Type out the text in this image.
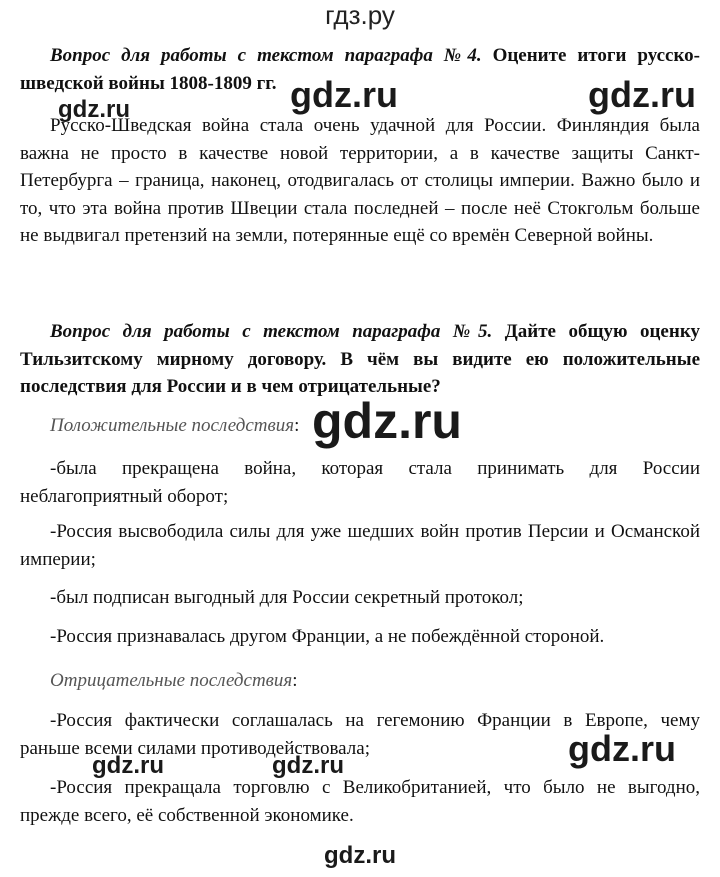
гдз.ру

Вопрос для работы с текстом параграфа №4. Оцените итоги русско-шведской войны 1808-1809 гг.

gdz.ru	gdz.ru	gdz.ru

Русско-Шведская война стала очень удачной для России. Финляндия была важна не просто в качестве новой территории, а в качестве защиты Санкт-Петербурга – граница, наконец, отодвигалась от столицы империи. Важно было и то, что эта война против Швеции стала последней – после неё Стокгольм больше не выдвигал претензий на земли, потерянные ещё со времён Северной войны.

Вопрос для работы с текстом параграфа №5. Дайте общую оценку Тильзитскому мирному договору. В чём вы видите ею положительные последствия для России и в чем отрицательные?

Положительные последствия: gdz.ru

-была прекращена война, которая стала принимать для России неблагоприятный оборот;

-Россия высвободила силы для уже шедших войн против Персии и Османской империи;

-был подписан выгодный для России секретный протокол;

-Россия признавалась другом Франции, а не побеждённой стороной.

Отрицательные последствия:

-Россия фактически соглашалась на гегемонию Франции в Европе, чему раньше всеми силами противодействовала;	gdz.ru
gdz.ru	gdz.ru

-Россия прекращала торговлю с Великобританией, что было не выгодно, прежде всего, её собственной экономике.

gdz.ru
